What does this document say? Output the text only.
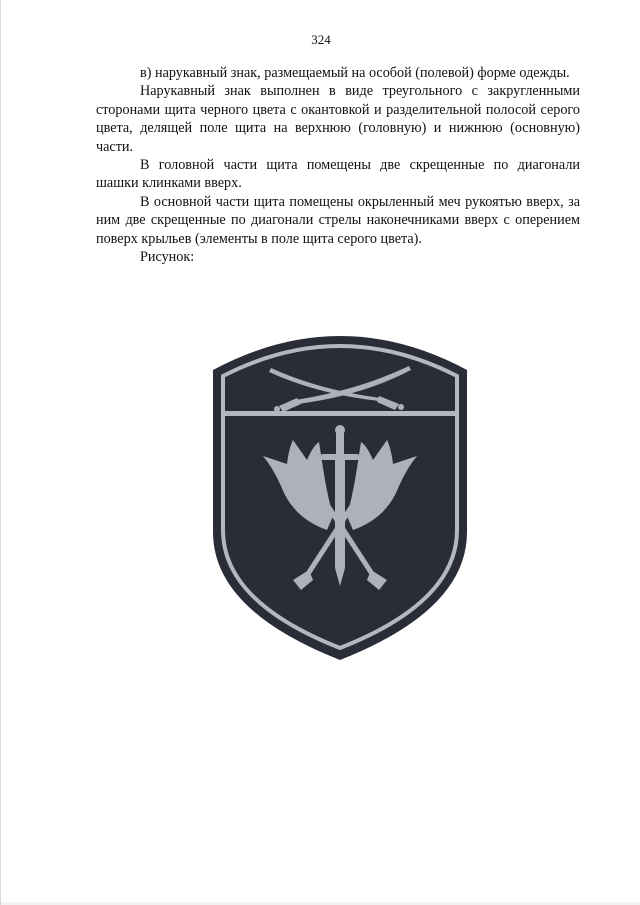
324

в) нарукавный знак, размещаемый на особой (полевой) форме одежды.

Нарукавный знак выполнен в виде треугольного с закругленными сторонами щита черного цвета с окантовкой и разделительной полосой серого цвета, делящей поле щита на верхнюю (головную) и нижнюю (основную) части.

В головной части щита помещены две скрещенные по диагонали шашки клинками вверх.

В основной части щита помещены окрыленный меч рукоятью вверх, за ним две скрещенные по диагонали стрелы наконечниками вверх с оперением поверх крыльев (элементы в поле щита серого цвета).

Рисунок:
